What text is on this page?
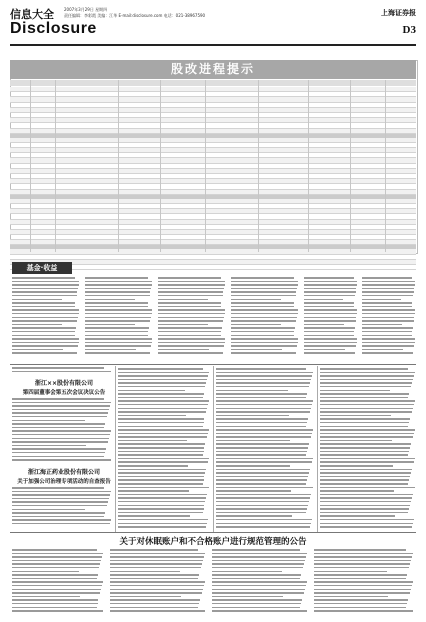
信息大全
Disclosure
2007年3月29日 星期四
责任编辑：李彩霞 美编：江华 E-mail:disclosure.com 电话：021-38967590	上海证券报
D3
股改进程提示
基金·收益
浙江××股份有限公司
第四届董事会第五次会议决议公告
浙江海正药业股份有限公司
关于加强公司治理专项活动的自查报告
关于对休眠账户和不合格账户进行规范管理的公告
